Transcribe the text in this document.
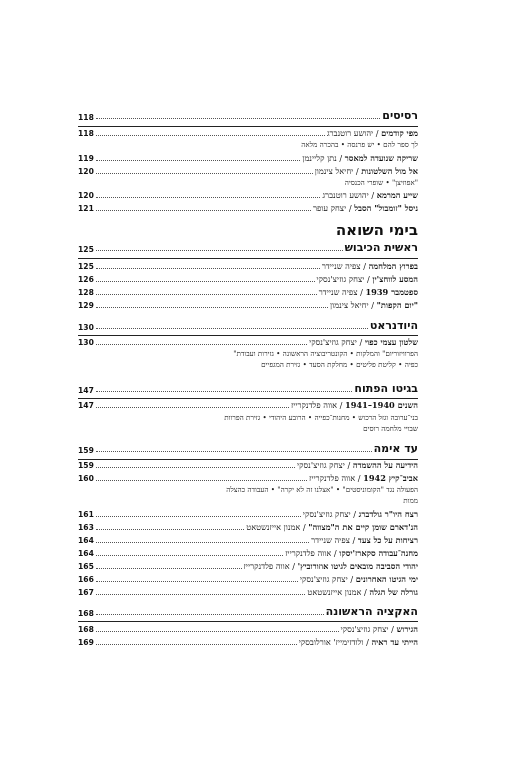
רסיסים
118
מפי קודמים
/
יהושע רוטנברג
118
לך ספר להם • יש פרנסה • בהכרה מלאה
שריקה שנועדה למאסר
/
נתן קליינמן
119
אל מול השלטונות
/
יחיאל צינמון
120
"אפוזיצן" • שופרי הכנסיה
שייע המרמא
/
יהושע רוטנברג
120
ניסל "זומבול" הסבל
/
יצחק עופר
121
בימי השואה
ראשית הכיבוש
125
בפרוץ המלחמה
/
צפיה שניידר
125
המסע לווחצ'ין
/
יצחק גוזיצ'נסקי
126
ספטמבר 1939
/
צפיה שניידר
128
"יום הקפות"
/
יחיאל צינמון
129
היודנראט
130
שלטון עצמי כפוי
/
יצחק גוזיצ'נסקי
130
הפרוויזוריום" והמלקות • הקונטריבוציה הראשונה • גזירות ועבודת"
כפיה • קליטת פליטים • מחלקת הסעד • גזירת המגפיים
בגיטו הפתוח
147
השנים 1940–1941
/
אווה פלדנקרייז
147
בני־ערובה וגזל הרכוש • מחנות־כפייה • הרובע היהודי • גזירת הפרוות
שבויי מלחמה רוסים
עד אימה
159
הידיעה על ההשמדה
/
יצחק גוזיצ'נסקי
159
אביב־קיץ 1942
/
אווה פלדנקרייז
160
הפעולה נגד "הקומוניסטים" • "אצלנו זה לא יקרה" • העבודה כהצלה
ממות
רצח היו"ר גולדברג
/
יצחק גוזיצ'נסקי
161
הנ'דארם שומן קיים את ה"מצווה"
/
אמנון אייזנשטאט
163
רציחות על כל צעד
/
צפיה שניידר
164
מחנה־עבודה סקארז'יסקו
/
אווה פלדנקרייז
164
יהודי הסביבה מובאים לגיטו אוזורוביץ'
/
אווה פלדנקרייז
165
ימי הגיטו האחרונים
/
יצחק גוזיצ'נסקי
166
גורלה של הגלה
/
אמנון אייזנשטאט
167
האקציה הראשונה
168
הגירוש
/
יצחק גוזיצ'נסקי
168
הייתי עד ראיה
/
ולודזימייז' אורלובסקי
169
